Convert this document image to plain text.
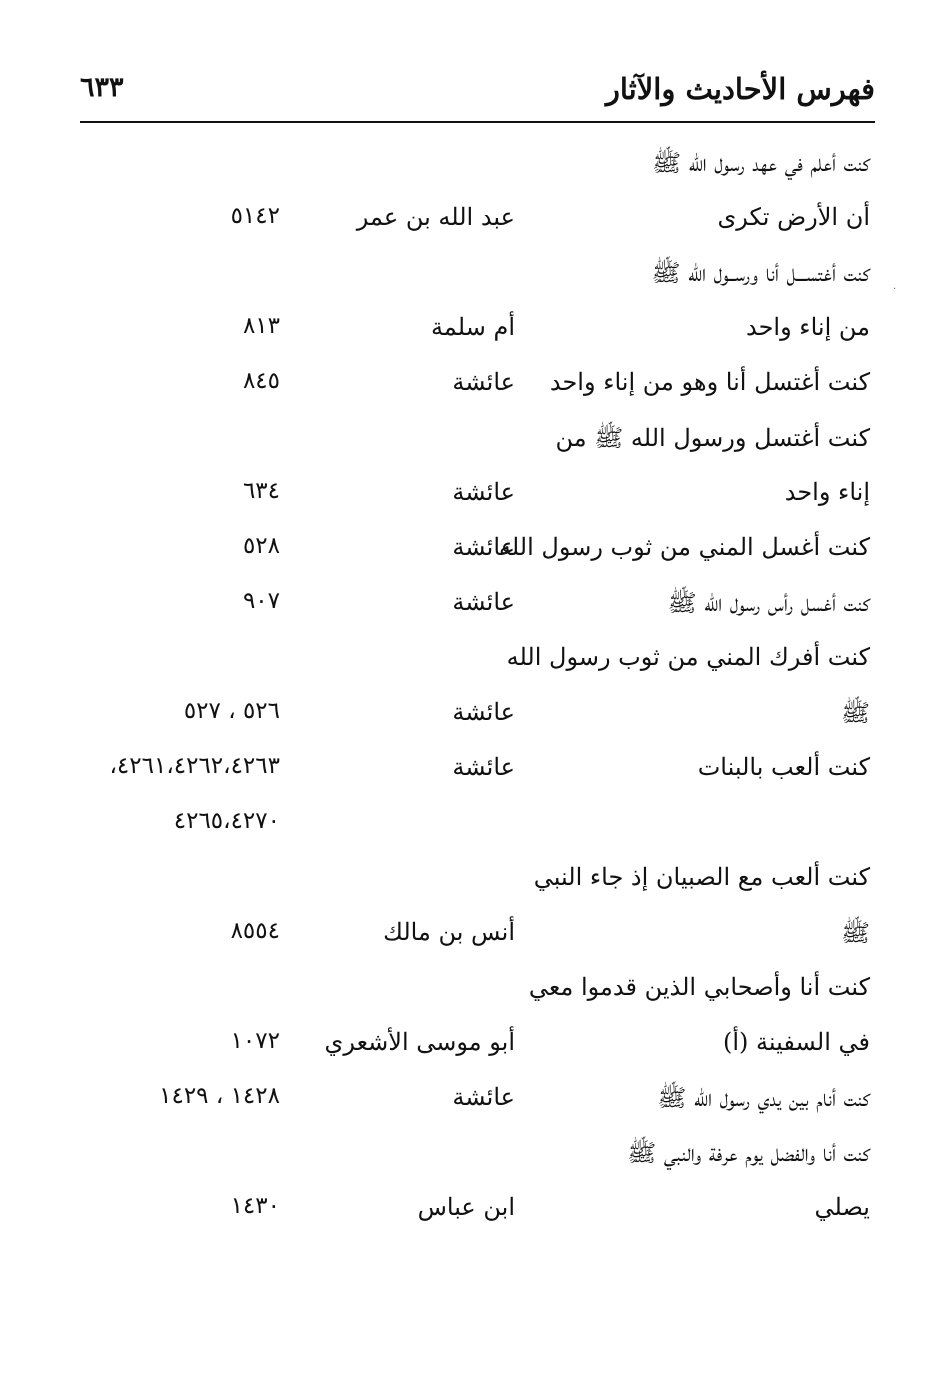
فهرس الأحاديث والآثار
٦٣٣
·
كنت أعلم في عهد رسول الله ﷺ
أن الأرض تكرى
عبد الله بن عمر
٥١٤٢
كنت أغتســـل أنا ورســول الله ﷺ
من إناء واحد
أم سلمة
٨١٣
كنت أغتسل أنا وهو من إناء واحد
عائشة
٨٤٥
كنت أغتسل ورسول الله ﷺ من
إناء واحد
عائشة
٦٣٤
كنت أغسل المني من ثوب رسول الله
عائشة
٥٢٨
كنت أغسل رأس رسول الله ﷺ
عائشة
٩٠٧
كنت أفرك المني من ثوب رسول الله
ﷺ
عائشة
٥٢٦ ، ٥٢٧
كنت ألعب بالبنات
عائشة
٤٢٦١،٤٢٦٢،٤٢٦٣،
٤٢٦٥،٤٢٧٠
كنت ألعب مع الصبيان إذ جاء النبي
ﷺ
أنس بن مالك
٨٥٥٤
كنت أنا وأصحابي الذين قدموا معي
في السفينة (أ)
أبو موسى الأشعري
١٠٧٢
كنت أنام بين يدي رسول الله ﷺ
عائشة
١٤٢٨ ، ١٤٢٩
كنت أنا والفضل يوم عرفة والنبي ﷺ
يصلي
ابن عباس
١٤٣٠
